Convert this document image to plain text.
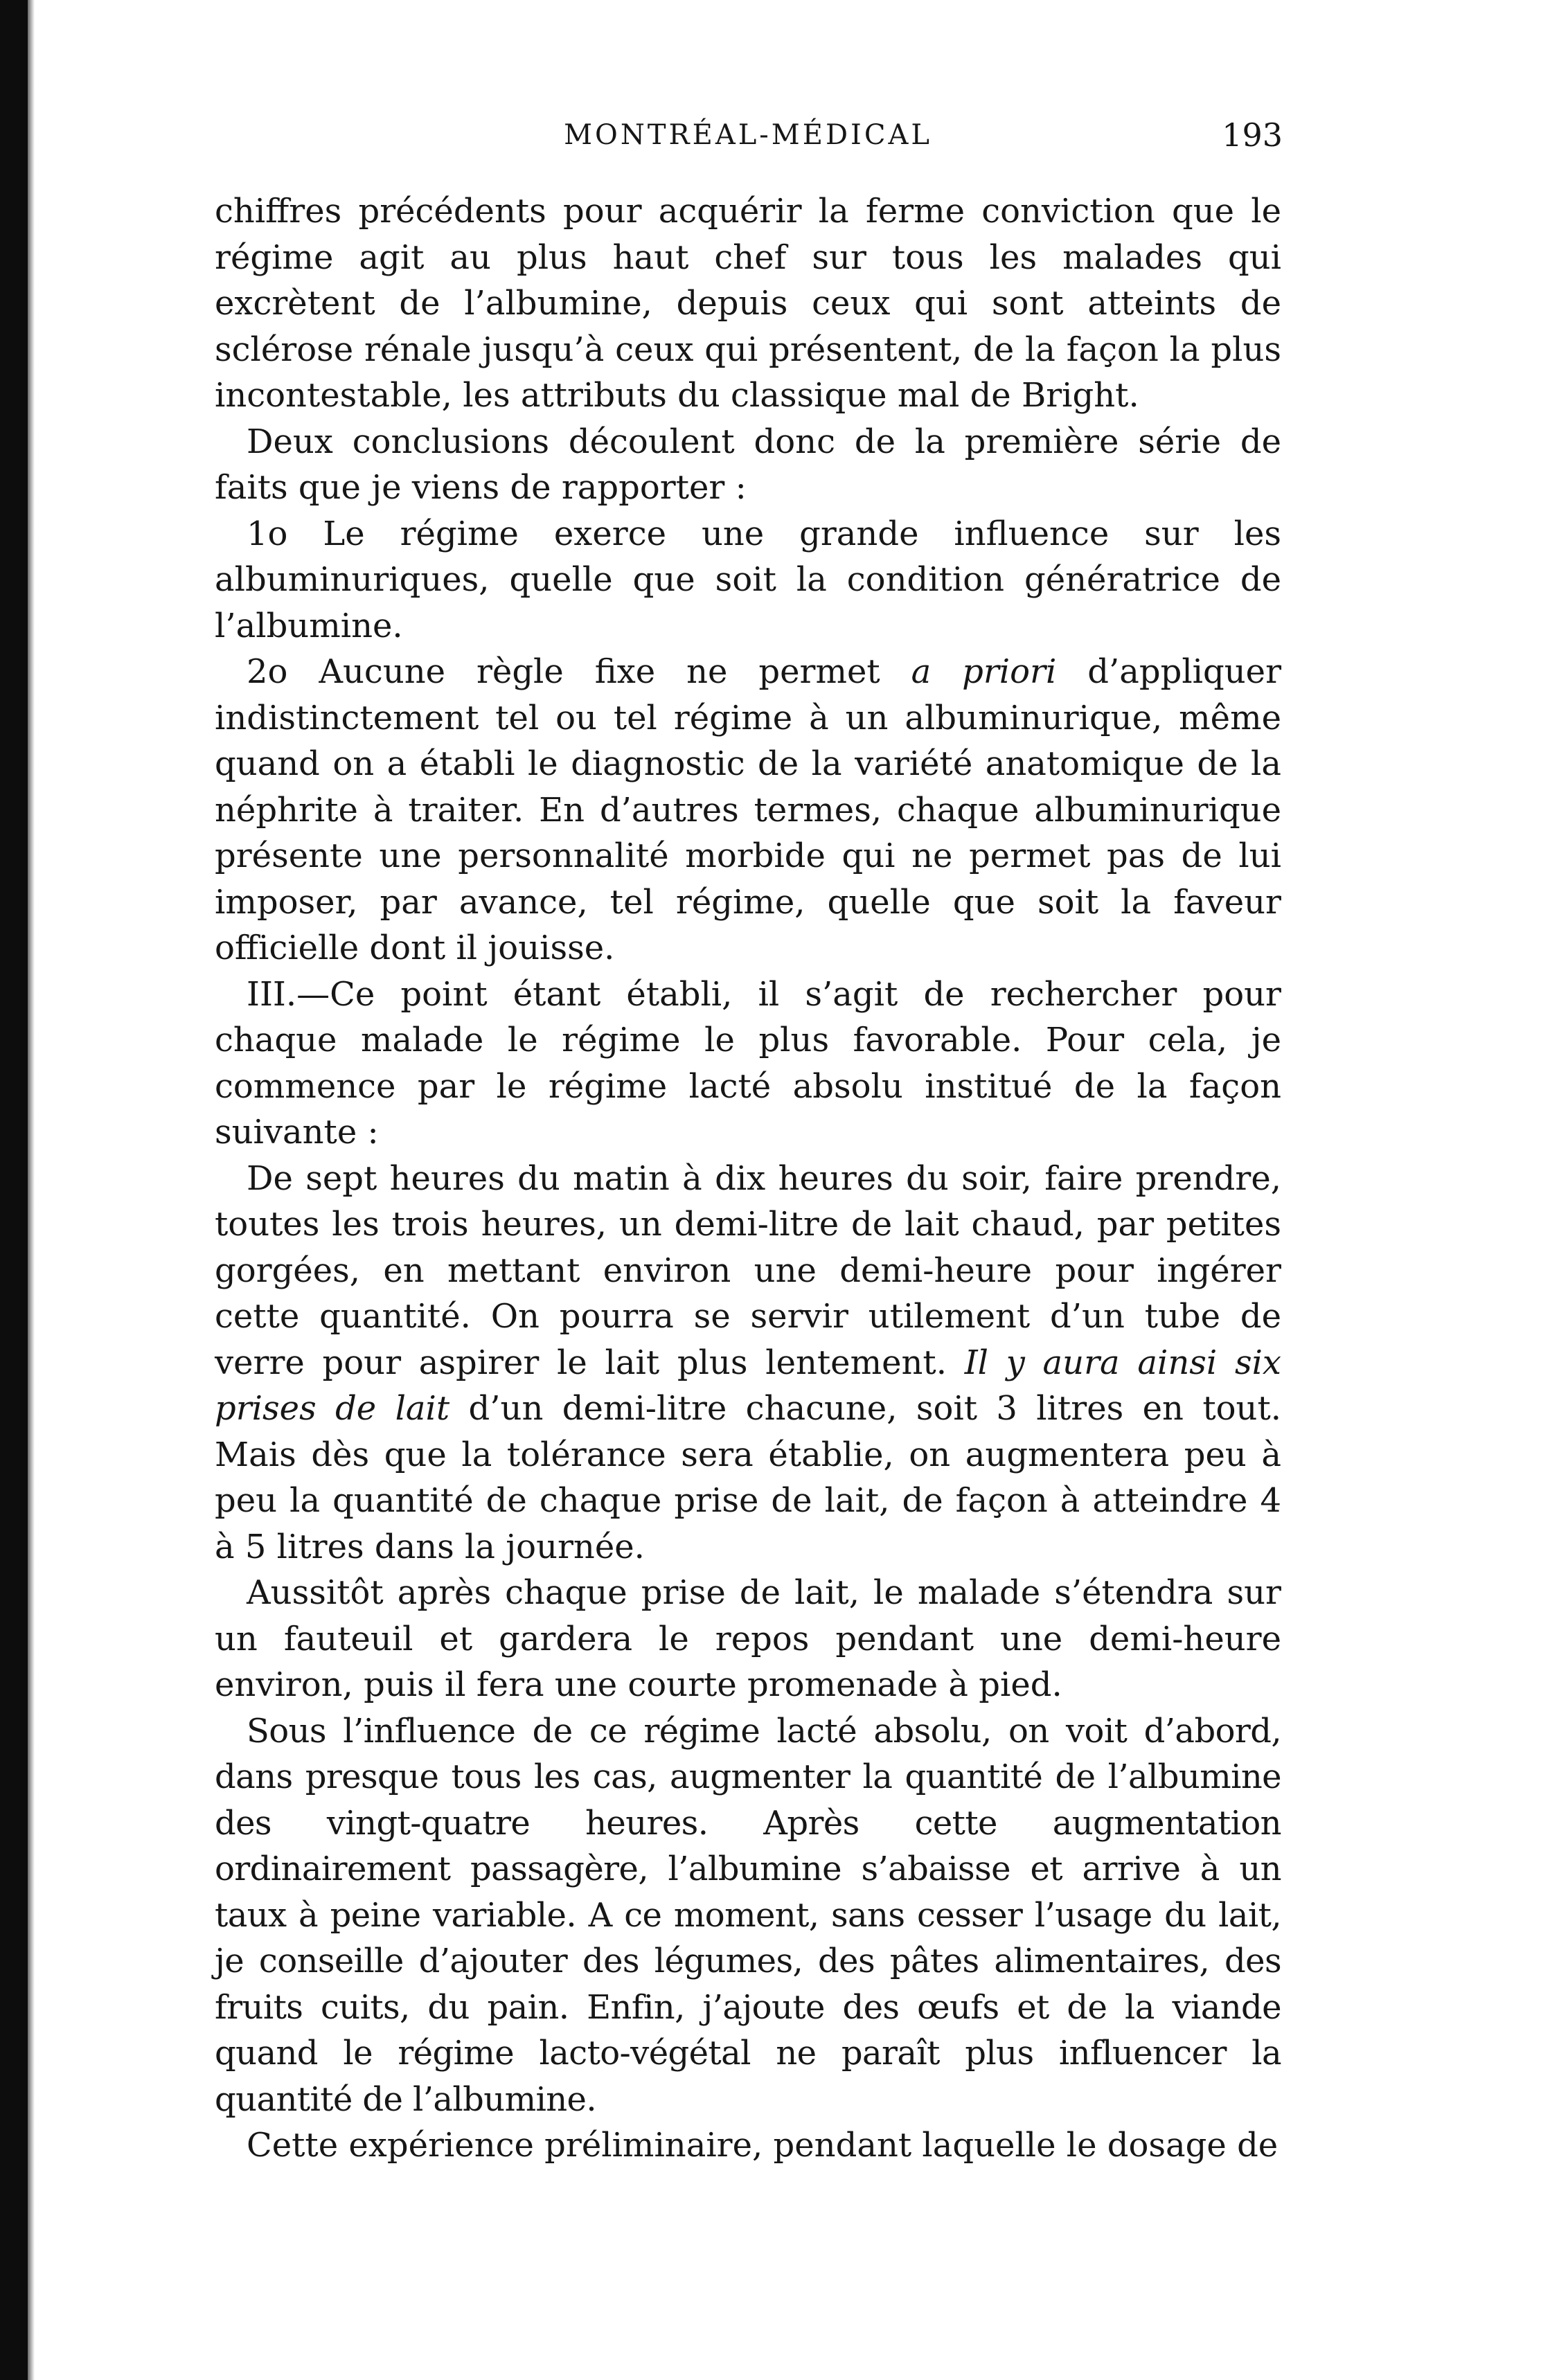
MONTRÉAL-MÉDICAL	193

chiffres précédents pour acquérir la ferme conviction que le régime agit au plus haut chef sur tous les malades qui excrètent de l’albumine, depuis ceux qui sont atteints de sclérose rénale jusqu’à ceux qui présentent, de la façon la plus incontestable, les attributs du classique mal de Bright.

Deux conclusions découlent donc de la première série de faits que je viens de rapporter :

1o Le régime exerce une grande influence sur les albuminuriques, quelle que soit la condition génératrice de l’albumine.

2o Aucune règle fixe ne permet a priori d’appliquer indistinctement tel ou tel régime à un albuminurique, même quand on a établi le diagnostic de la variété anatomique de la néphrite à traiter. En d’autres termes, chaque albuminurique présente une personnalité morbide qui ne permet pas de lui imposer, par avance, tel régime, quelle que soit la faveur officielle dont il jouisse.

III.—Ce point étant établi, il s’agit de rechercher pour chaque malade le régime le plus favorable. Pour cela, je commence par le régime lacté absolu institué de la façon suivante :

De sept heures du matin à dix heures du soir, faire prendre, toutes les trois heures, un demi-litre de lait chaud, par petites gorgées, en mettant environ une demi-heure pour ingérer cette quantité. On pourra se servir utilement d’un tube de verre pour aspirer le lait plus lentement. Il y aura ainsi six prises de lait d’un demi-litre chacune, soit 3 litres en tout. Mais dès que la tolérance sera établie, on augmentera peu à peu la quantité de chaque prise de lait, de façon à atteindre 4 à 5 litres dans la journée.

Aussitôt après chaque prise de lait, le malade s’étendra sur un fauteuil et gardera le repos pendant une demi-heure environ, puis il fera une courte promenade à pied.

Sous l’influence de ce régime lacté absolu, on voit d’abord, dans presque tous les cas, augmenter la quantité de l’albumine des vingt-quatre heures. Après cette augmentation ordinairement passagère, l’albumine s’abaisse et arrive à un taux à peine variable. A ce moment, sans cesser l’usage du lait, je conseille d’ajouter des légumes, des pâtes alimentaires, des fruits cuits, du pain. Enfin, j’ajoute des œufs et de la viande quand le régime lacto-végétal ne paraît plus influencer la quantité de l’albumine.

Cette expérience préliminaire, pendant laquelle le dosage de
